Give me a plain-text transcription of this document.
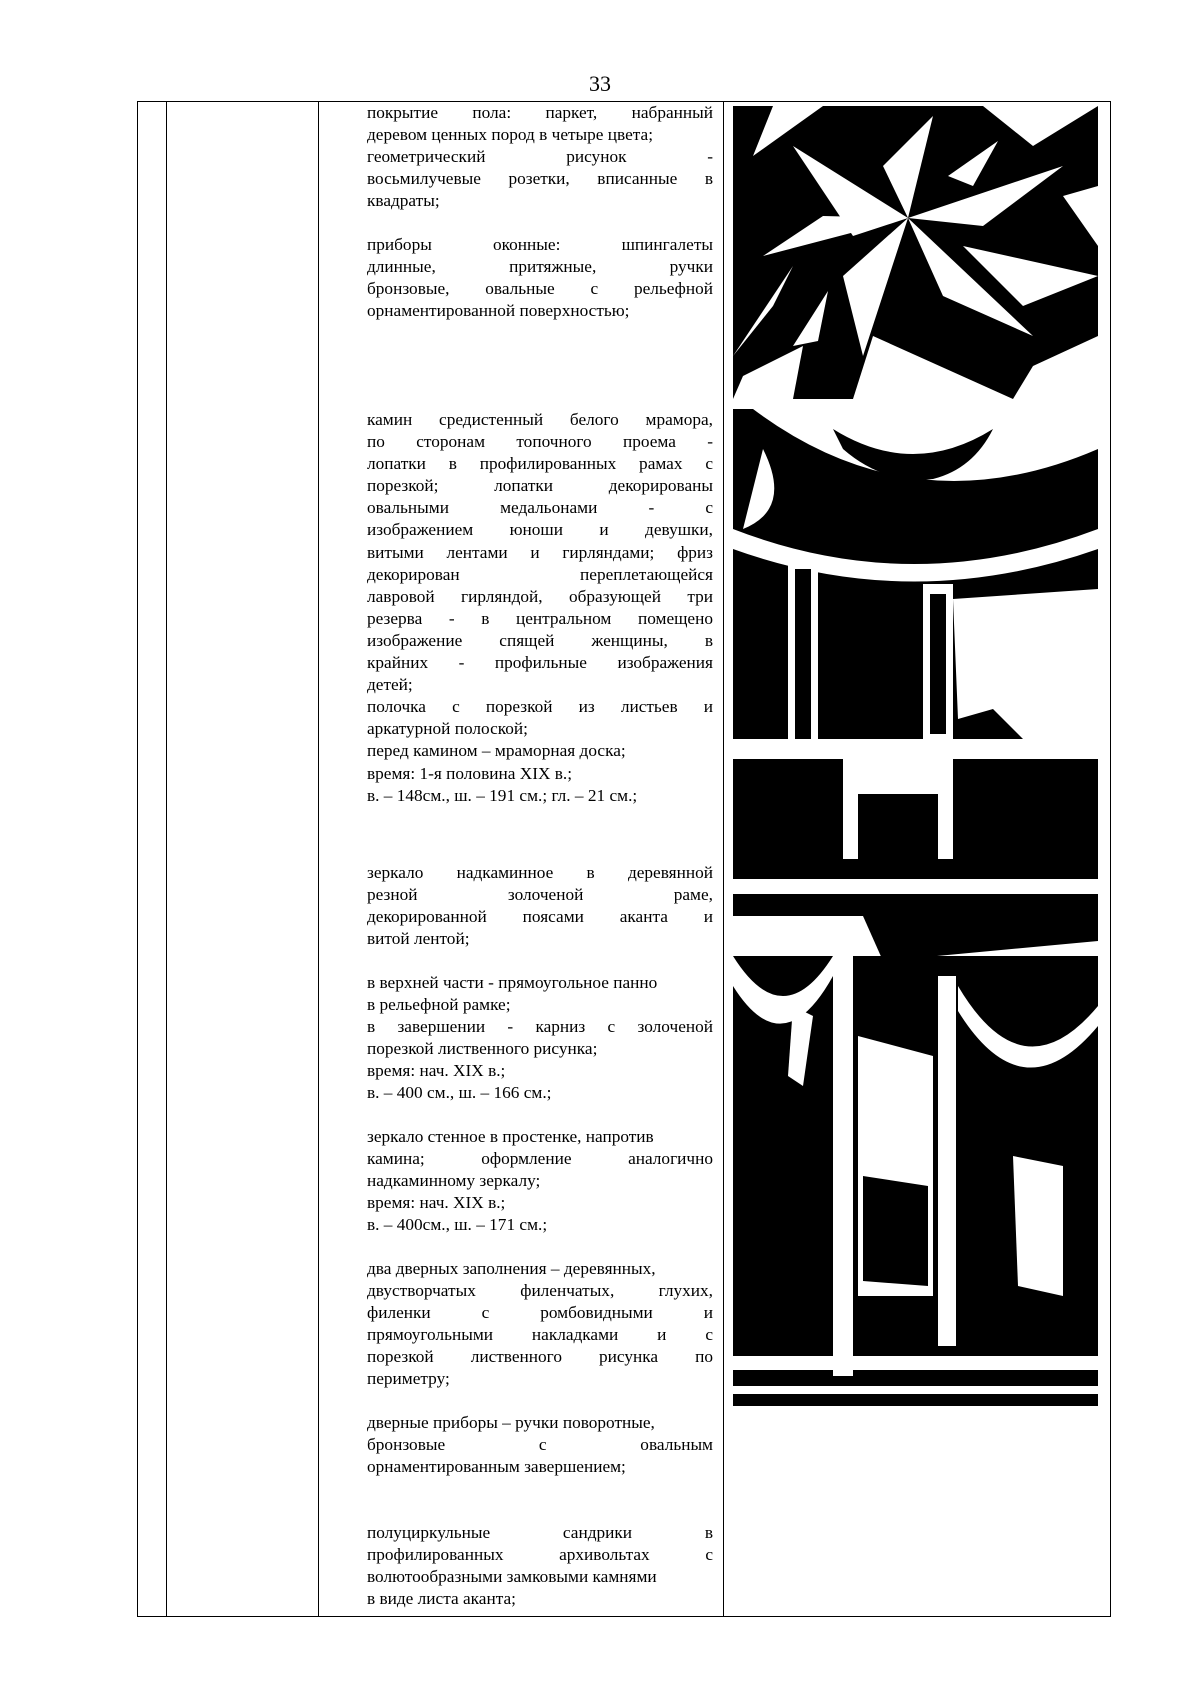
33
покрытие пола: паркет, набранный
деревом ценных пород в четыре цвета;
геометрический рисунок -
восьмилучевые розетки, вписанные в
квадраты;
приборы оконные: шпингалеты
длинные, притяжные, ручки
бронзовые, овальные с рельефной
орнаментированной поверхностью;
камин средистенный белого мрамора,
по сторонам топочного проема -
лопатки в профилированных рамах с
порезкой; лопатки декорированы
овальными медальонами - с
изображением юноши и девушки,
витыми лентами и гирляндами; фриз
декорирован переплетающейся
лавровой гирляндой, образующей три
резерва - в центральном помещено
изображение спящей женщины, в
крайних - профильные изображения
детей;
полочка с порезкой из листьев и
аркатурной полоской;
перед камином – мраморная доска;
время: 1-я половина XIX в.;
в. – 148см., ш. – 191 см.; гл. – 21 см.;
зеркало надкаминное в деревянной
резной золоченой раме,
декорированной поясами аканта и
витой лентой;
в верхней части - прямоугольное панно
в рельефной рамке;
в завершении - карниз с золоченой
порезкой лиственного рисунка;
время: нач. XIX в.;
в. – 400 см., ш. – 166 см.;
зеркало стенное в простенке, напротив
камина; оформление аналогично
надкаминному зеркалу;
время: нач. XIX в.;
в. – 400см., ш. – 171 см.;
два дверных заполнения – деревянных,
двустворчатых филенчатых, глухих,
филенки с ромбовидными и
прямоугольными накладками и с
порезкой лиственного рисунка по
периметру;
дверные приборы – ручки поворотные,
бронзовые с овальным
орнаментированным завершением;
полуциркульные сандрики в
профилированных архивольтах с
волютообразными замковыми камнями
в виде листа аканта;
